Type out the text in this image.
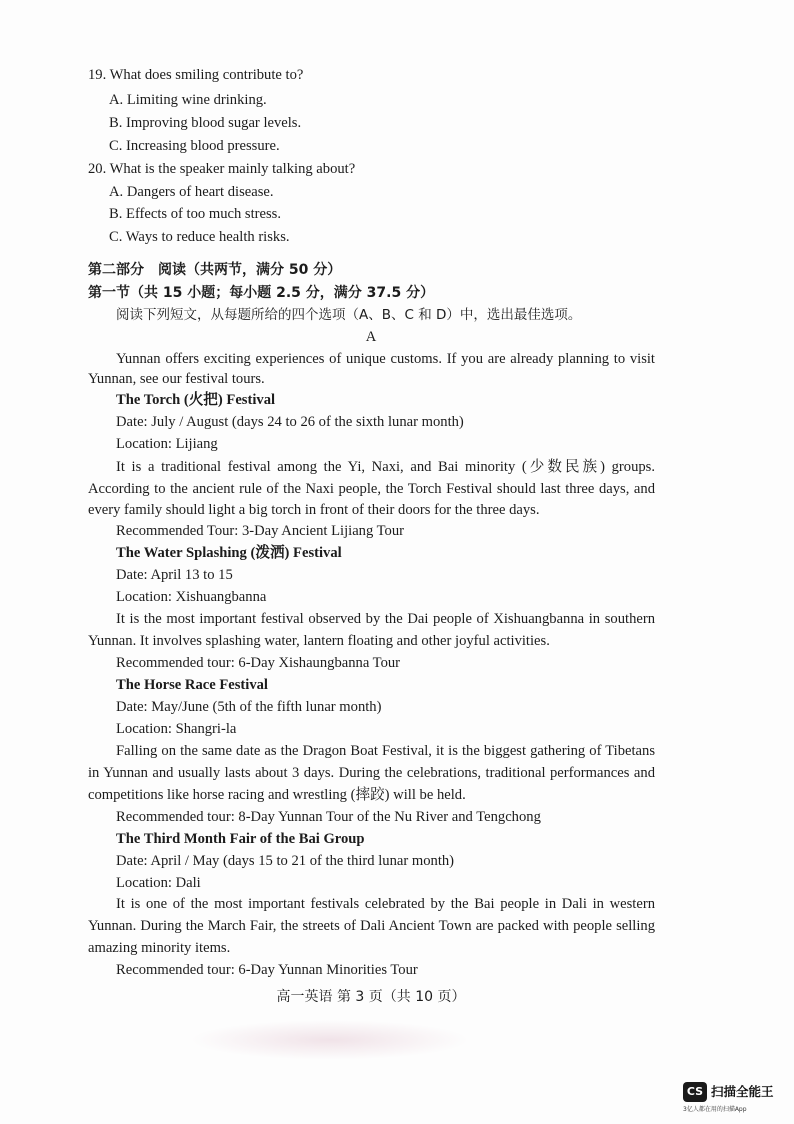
19. What does smiling contribute to?
A. Limiting wine drinking.
B. Improving blood sugar levels.
C. Increasing blood pressure.
20. What is the speaker mainly talking about?
A. Dangers of heart disease.
B. Effects of too much stress.
C. Ways to reduce health risks.
第二部分　阅读（共两节，满分 50 分）
第一节（共 15 小题；每小题 2.5 分，满分 37.5 分）
阅读下列短文，从每题所给的四个选项（A、B、C 和 D）中，选出最佳选项。
A
Yunnan offers exciting experiences of unique customs. If you are already planning to visit
Yunnan, see our festival tours.
The Torch (火把) Festival
Date: July / August (days 24 to 26 of the sixth lunar month)
Location: Lijiang
It is a traditional festival among the Yi, Naxi, and Bai minority (少数民族) groups.
According to the ancient rule of the Naxi people, the Torch Festival should last three days, and
every family should light a big torch in front of their doors for the three days.
Recommended Tour: 3-Day Ancient Lijiang Tour
The Water Splashing (泼洒) Festival
Date: April 13 to 15
Location: Xishuangbanna
It is the most important festival observed by the Dai people of Xishuangbanna in southern
Yunnan. It involves splashing water, lantern floating and other joyful activities.
Recommended tour: 6-Day Xishaungbanna Tour
The Horse Race Festival
Date: May/June (5th of the fifth lunar month)
Location: Shangri-la
Falling on the same date as the Dragon Boat Festival, it is the biggest gathering of Tibetans
in Yunnan and usually lasts about 3 days. During the celebrations, traditional performances and
competitions like horse racing and wrestling (摔跤) will be held.
Recommended tour: 8-Day Yunnan Tour of the Nu River and Tengchong
The Third Month Fair of the Bai Group
Date: April / May (days 15 to 21 of the third lunar month)
Location: Dali
It is one of the most important festivals celebrated by the Bai people in Dali in western
Yunnan. During the March Fair, the streets of Dali Ancient Town are packed with people selling
amazing minority items.
Recommended tour: 6-Day Yunnan Minorities Tour
高一英语 第 3 页（共 10 页）
CS 扫描全能王
3亿人都在用的扫描App
